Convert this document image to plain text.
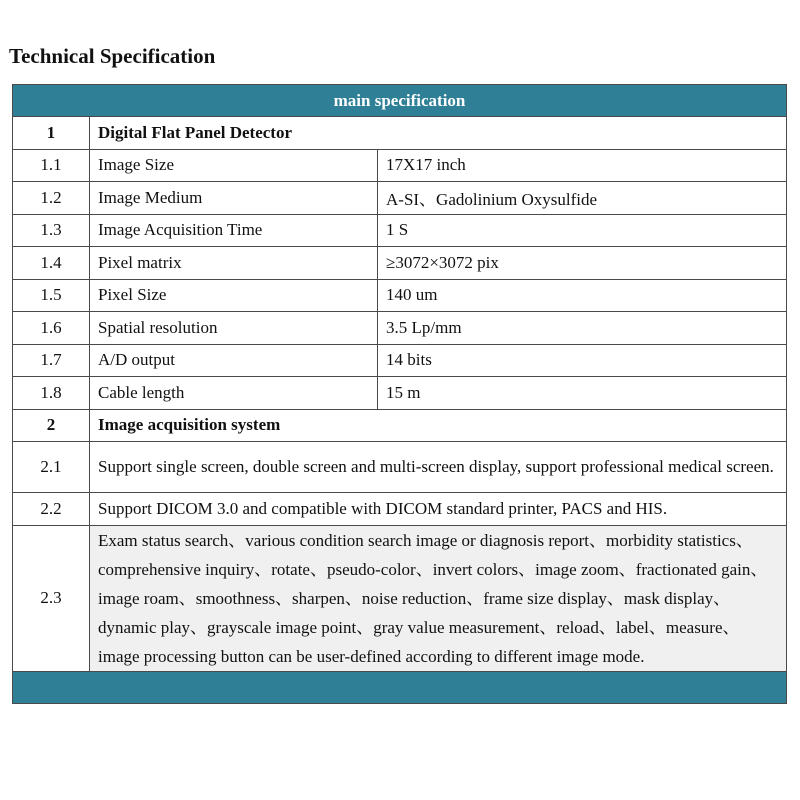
Technical Specification
main specification		
1	Digital Flat Panel Detector	
1.1	Image Size	17X17 inch
1.2	Image Medium	A-SI、Gadolinium Oxysulfide
1.3	Image Acquisition Time	1 S
1.4	Pixel matrix	≥3072×3072 pix
1.5	Pixel Size	140 um
1.6	Spatial resolution	3.5 Lp/mm
1.7	A/D output	14 bits
1.8	Cable length	15 m
2	Image acquisition system	
2.1	Support single screen, double screen and multi-screen display, support professional medical screen.	
2.2	Support DICOM 3.0 and compatible with DICOM standard printer, PACS and HIS.	
2.3	Exam status search、various condition search image or diagnosis report、morbidity statistics、comprehensive inquiry、rotate、pseudo-color、invert colors、image zoom、fractionated gain、image roam、smoothness、sharpen、noise reduction、frame size display、mask display、dynamic play、grayscale image point、gray value measurement、reload、label、measure、image processing button can be user-defined according to different image mode.	
